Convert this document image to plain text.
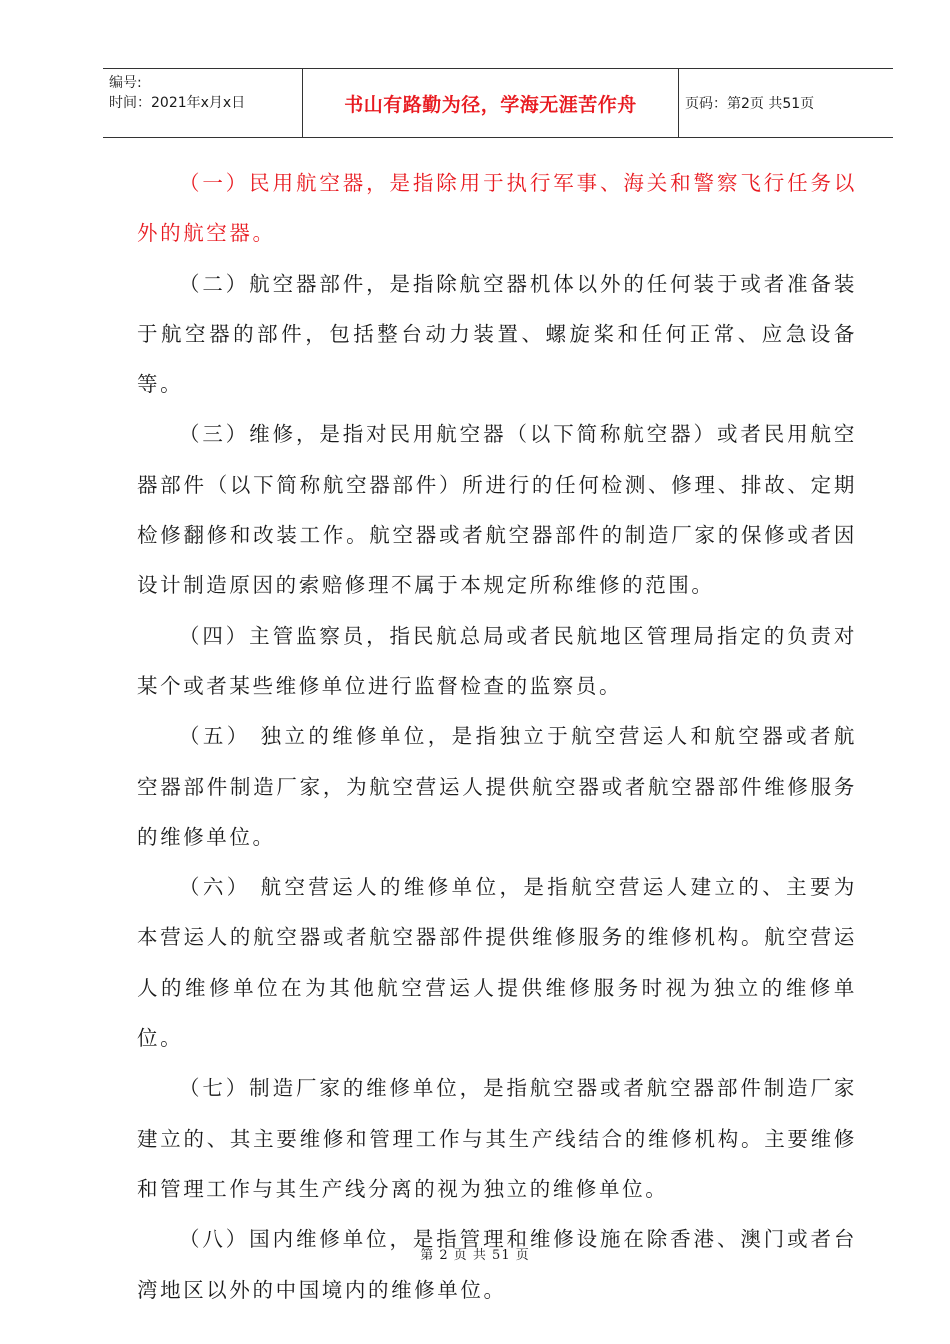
编号:
时间：2021年x月x日	书山有路勤为径，学海无涯苦作舟	页码：第2页 共51页

（一）民用航空器，是指除用于执行军事、海关和警察飞行任务以外的航空器。

（二）航空器部件，是指除航空器机体以外的任何装于或者准备装于航空器的部件，包括整台动力装置、螺旋桨和任何正常、应急设备等。

（三）维修，是指对民用航空器（以下简称航空器）或者民用航空器部件（以下简称航空器部件）所进行的任何检测、修理、排故、定期检修翻修和改装工作。航空器或者航空器部件的制造厂家的保修或者因设计制造原因的索赔修理不属于本规定所称维修的范围。

（四）主管监察员，指民航总局或者民航地区管理局指定的负责对某个或者某些维修单位进行监督检查的监察员。

（五） 独立的维修单位，是指独立于航空营运人和航空器或者航空器部件制造厂家，为航空营运人提供航空器或者航空器部件维修服务的维修单位。

（六） 航空营运人的维修单位，是指航空营运人建立的、主要为本营运人的航空器或者航空器部件提供维修服务的维修机构。航空营运人的维修单位在为其他航空营运人提供维修服务时视为独立的维修单位。

（七）制造厂家的维修单位，是指航空器或者航空器部件制造厂家建立的、其主要维修和管理工作与其生产线结合的维修机构。主要维修和管理工作与其生产线分离的视为独立的维修单位。

（八）国内维修单位，是指管理和维修设施在除香港、澳门或者台湾地区以外的中国境内的维修单位。

第 2 页 共 51 页
